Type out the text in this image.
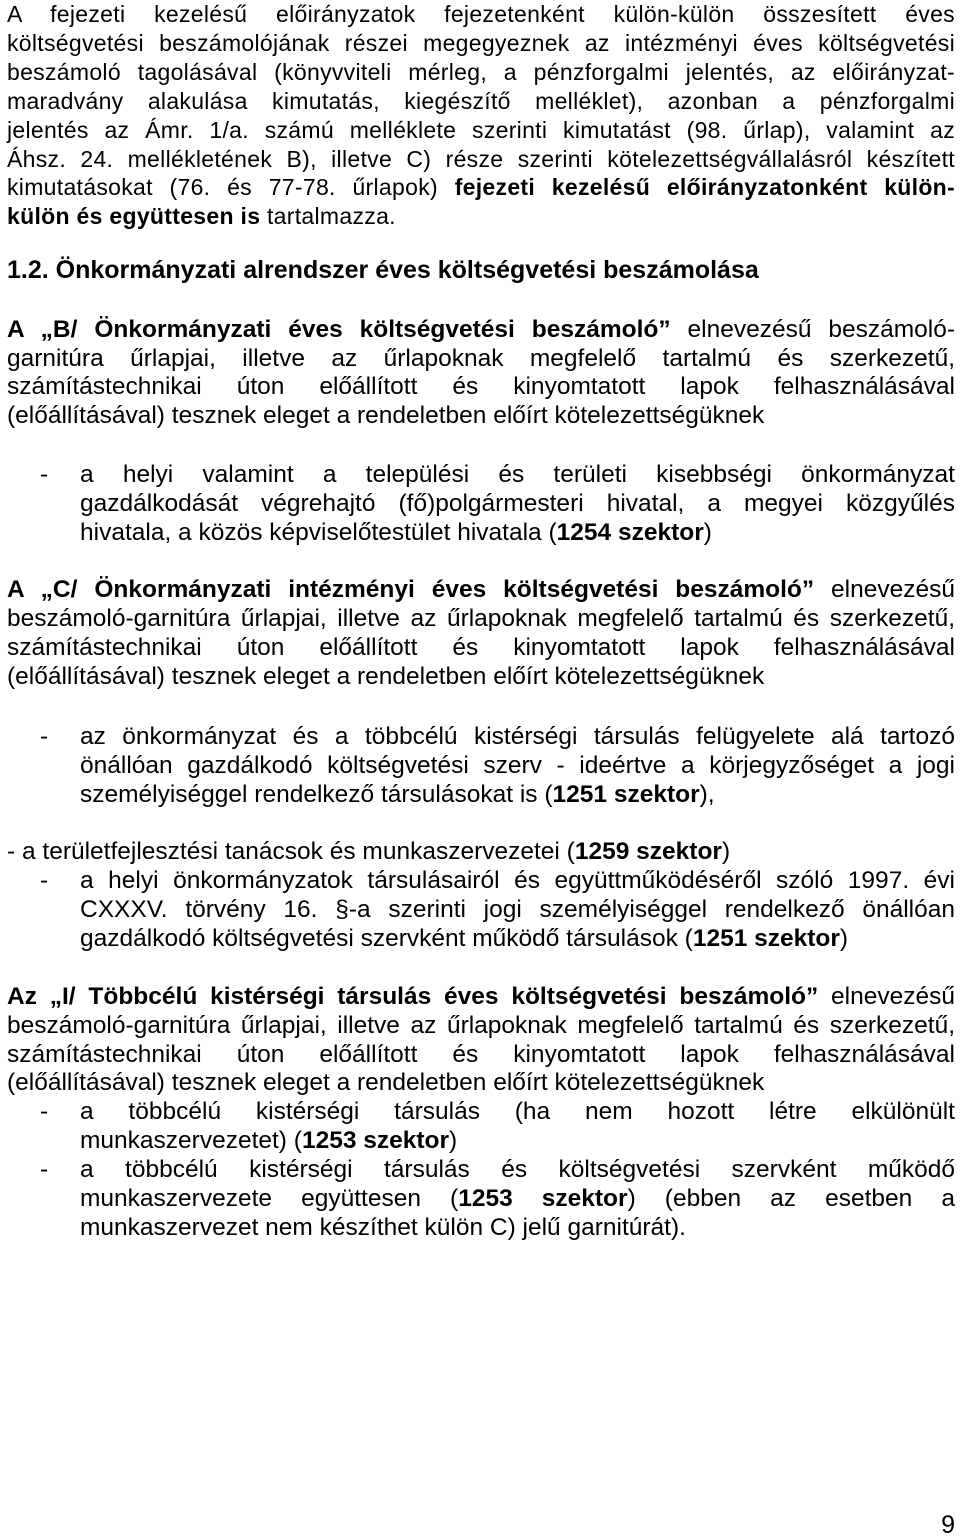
A fejezeti kezelésű előirányzatok fejezetenként külön-külön összesített éves
költségvetési beszámolójának részei megegyeznek az intézményi éves költségvetési
beszámoló tagolásával (könyvviteli mérleg, a pénzforgalmi jelentés, az előirányzat-
maradvány alakulása kimutatás, kiegészítő melléklet), azonban a pénzforgalmi
jelentés az Ámr. 1/a. számú melléklete szerinti kimutatást (98. űrlap), valamint az
Áhsz. 24. mellékletének B), illetve C) része szerinti kötelezettségvállalásról készített
kimutatásokat (76. és 77-78. űrlapok) fejezeti kezelésű előirányzatonként külön-
külön és együttesen is tartalmazza.
1.2. Önkormányzati alrendszer éves költségvetési beszámolása
A „B/ Önkormányzati éves költségvetési beszámoló” elnevezésű beszámoló-
garnitúra űrlapjai, illetve az űrlapoknak megfelelő tartalmú és szerkezetű,
számítástechnikai úton előállított és kinyomtatott lapok felhasználásával
(előállításával) tesznek eleget a rendeletben előírt kötelezettségüknek
- a helyi valamint a települési és területi kisebbségi önkormányzat
gazdálkodását végrehajtó (fő)polgármesteri hivatal, a megyei közgyűlés
hivatala, a közös képviselőtestület hivatala (1254 szektor)
A „C/ Önkormányzati intézményi éves költségvetési beszámoló” elnevezésű
beszámoló-garnitúra űrlapjai, illetve az űrlapoknak megfelelő tartalmú és szerkezetű,
számítástechnikai úton előállított és kinyomtatott lapok felhasználásával
(előállításával) tesznek eleget a rendeletben előírt kötelezettségüknek
- az önkormányzat és a többcélú kistérségi társulás felügyelete alá tartozó
önállóan gazdálkodó költségvetési szerv - ideértve a körjegyzőséget a jogi
személyiséggel rendelkező társulásokat is (1251 szektor),
- a területfejlesztési tanácsok és munkaszervezetei (1259 szektor)
- a helyi önkormányzatok társulásairól és együttműködéséről szóló 1997. évi
CXXXV. törvény 16. §-a szerinti jogi személyiséggel rendelkező önállóan
gazdálkodó költségvetési szervként működő társulások (1251 szektor)
Az „I/ Többcélú kistérségi társulás éves költségvetési beszámoló” elnevezésű
beszámoló-garnitúra űrlapjai, illetve az űrlapoknak megfelelő tartalmú és szerkezetű,
számítástechnikai úton előállított és kinyomtatott lapok felhasználásával
(előállításával) tesznek eleget a rendeletben előírt kötelezettségüknek
- a többcélú kistérségi társulás (ha nem hozott létre elkülönült
munkaszervezetet) (1253 szektor)
- a többcélú kistérségi társulás és költségvetési szervként működő
munkaszervezete együttesen (1253 szektor) (ebben az esetben a
munkaszervezet nem készíthet külön C) jelű garnitúrát).
9
